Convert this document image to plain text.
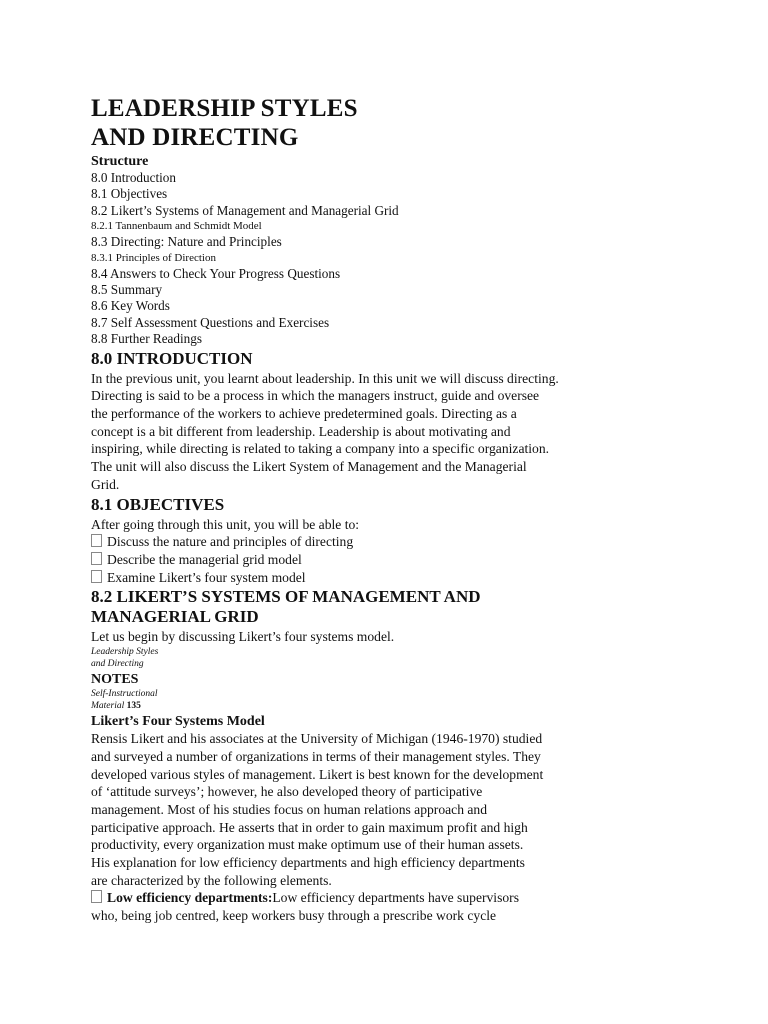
LEADERSHIP STYLES
AND DIRECTING
Structure
8.0 Introduction
8.1 Objectives
8.2 Likert’s Systems of Management and Managerial Grid
8.2.1 Tannenbaum and Schmidt Model
8.3 Directing: Nature and Principles
8.3.1 Principles of Direction
8.4 Answers to Check Your Progress Questions
8.5 Summary
8.6 Key Words
8.7 Self Assessment Questions and Exercises
8.8 Further Readings
8.0 INTRODUCTION

In the previous unit, you learnt about leadership. In this unit we will discuss directing.

Directing is said to be a process in which the managers instruct, guide and oversee

the performance of the workers to achieve predetermined goals. Directing as a

concept is a bit different from leadership. Leadership is about motivating and

inspiring, while directing is related to taking a company into a specific organization.

The unit will also discuss the Likert System of Management and the Managerial

Grid.

8.1 OBJECTIVES

After going through this unit, you will be able to:

Discuss the nature and principles of directing
Describe the managerial grid model
Examine Likert’s four system model
8.2 LIKERT’S SYSTEMS OF MANAGEMENT AND
MANAGERIAL GRID

Let us begin by discussing Likert’s four systems model.

Leadership Styles
and Directing
NOTES
Self-Instructional
Material 135
Likert’s Four Systems Model

Rensis Likert and his associates at the University of Michigan (1946-1970) studied

and surveyed a number of organizations in terms of their management styles. They

developed various styles of management. Likert is best known for the development

of ‘attitude surveys’; however, he also developed theory of participative

management. Most of his studies focus on human relations approach and

participative approach. He asserts that in order to gain maximum profit and high

productivity, every organization must make optimum use of their human assets.

His explanation for low efficiency departments and high efficiency departments

are characterized by the following elements.

Low efficiency departments:Low efficiency departments have supervisors
who, being job centred, keep workers busy through a prescribe work cycle
